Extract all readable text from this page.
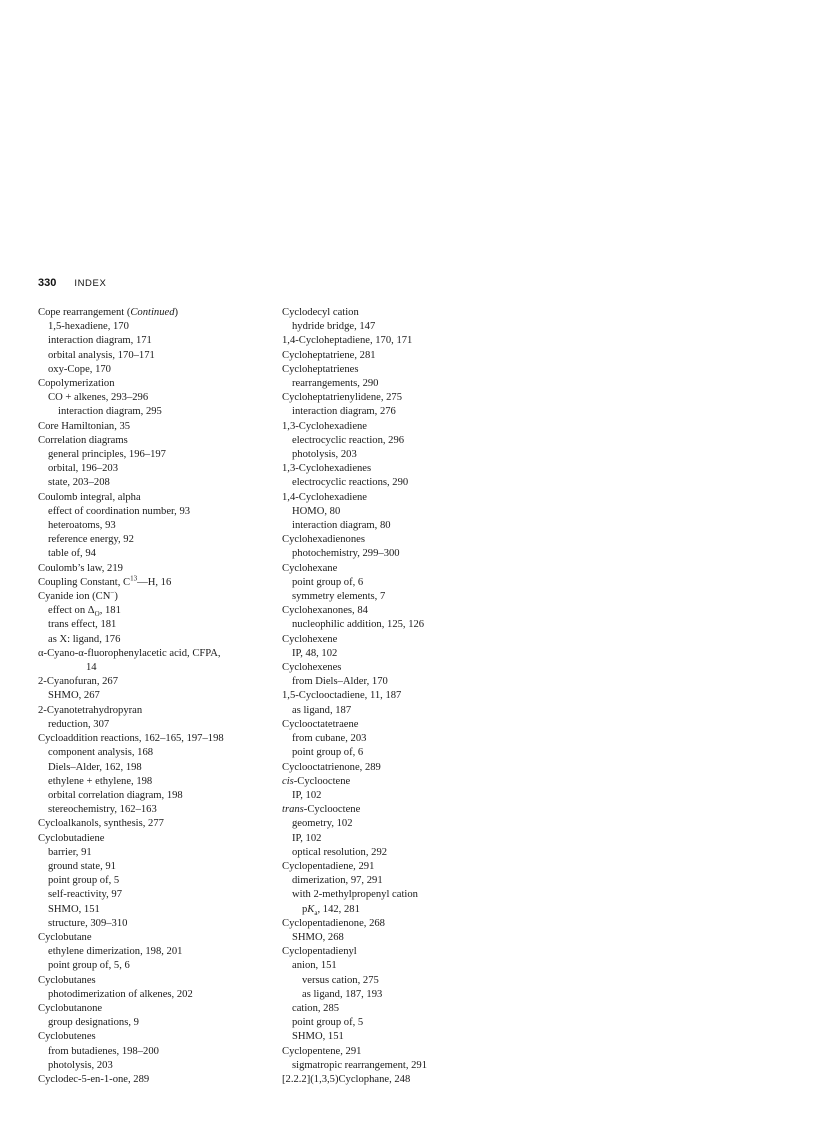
330 INDEX
Cope rearrangement (Continued)
1,5-hexadiene, 170
interaction diagram, 171
orbital analysis, 170–171
oxy-Cope, 170
Copolymerization
CO + alkenes, 293–296
interaction diagram, 295
Core Hamiltonian, 35
Correlation diagrams
general principles, 196–197
orbital, 196–203
state, 203–208
Coulomb integral, alpha
effect of coordination number, 93
heteroatoms, 93
reference energy, 92
table of, 94
Coulomb’s law, 219
Coupling Constant, $C^{13}—H$, 16
Cyanide ion (CN−)
effect on $\Delta_O$, 181
trans effect, 181
as X: ligand, 176
α-Cyano-α-fluorophenylacetic acid, CFPA,
14
2-Cyanofuran, 267
SHMO, 267
2-Cyanotetrahydropyran
reduction, 307
Cycloaddition reactions, 162–165, 197–198
component analysis, 168
Diels–Alder, 162, 198
ethylene + ethylene, 198
orbital correlation diagram, 198
stereochemistry, 162–163
Cycloalkanols, synthesis, 277
Cyclobutadiene
barrier, 91
ground state, 91
point group of, 5
self-reactivity, 97
SHMO, 151
structure, 309–310
Cyclobutane
ethylene dimerization, 198, 201
point group of, 5, 6
Cyclobutanes
photodimerization of alkenes, 202
Cyclobutanone
group designations, 9
Cyclobutenes
from butadienes, 198–200
photolysis, 203
Cyclodec-5-en-1-one, 289
Cyclodecyl cation
hydride bridge, 147
1,4-Cycloheptadiene, 170, 171
Cycloheptatriene, 281
Cycloheptatrienes
rearrangements, 290
Cycloheptatrienylidene, 275
interaction diagram, 276
1,3-Cyclohexadiene
electrocyclic reaction, 296
photolysis, 203
1,3-Cyclohexadienes
electrocyclic reactions, 290
1,4-Cyclohexadiene
HOMO, 80
interaction diagram, 80
Cyclohexadienones
photochemistry, 299–300
Cyclohexane
point group of, 6
symmetry elements, 7
Cyclohexanones, 84
nucleophilic addition, 125, 126
Cyclohexene
IP, 48, 102
Cyclohexenes
from Diels–Alder, 170
1,5-Cyclooctadiene, 11, 187
as ligand, 187
Cyclooctatetraene
from cubane, 203
point group of, 6
Cyclooctatrienone, 289
cis-Cyclooctene
IP, 102
trans-Cyclooctene
geometry, 102
IP, 102
optical resolution, 292
Cyclopentadiene, 291
dimerization, 97, 291
with 2-methylpropenyl cation
$pK_a$, 142, 281
Cyclopentadienone, 268
SHMO, 268
Cyclopentadienyl
anion, 151
versus cation, 275
as ligand, 187, 193
cation, 285
point group of, 5
SHMO, 151
Cyclopentene, 291
sigmatropic rearrangement, 291
[2.2.2](1,3,5)Cyclophane, 248
